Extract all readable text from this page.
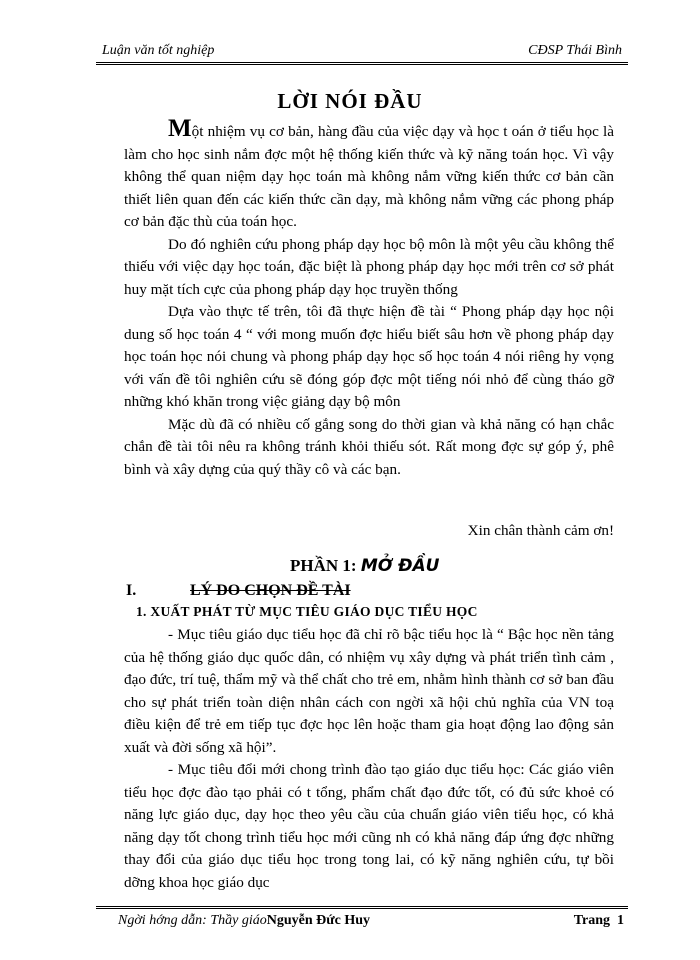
Luận văn tốt nghiệp	CĐSP Thái Bình
LỜI NÓI ĐẦU

Một nhiệm vụ cơ bản, hàng đầu của việc dạy và học t oán ở tiểu học là làm cho học sinh nắm đợc một hệ thống kiến thức và kỹ năng toán học. Vì vậy không thể quan niệm dạy học toán mà không nắm vững kiến thức cơ bản cần thiết liên quan đến các kiến thức cần dạy, mà không nắm vững các phong pháp cơ bản đặc thù của toán học.

Do đó nghiên cứu phong pháp dạy học bộ môn là một yêu cầu không thể thiếu với việc dạy học toán, đặc biệt là phong pháp dạy học mới trên cơ sở phát huy mặt tích cực của phong pháp dạy học truyền thống

Dựa vào thực tế trên, tôi đã thực hiện đề tài “ Phong pháp dạy học nội dung số học toán 4 “ với mong muốn đợc hiểu biết sâu hơn về phong pháp dạy học toán học nói chung và phong pháp dạy học số học toán 4 nói riêng hy vọng với vấn đề tôi nghiên cứu sẽ đóng góp đợc một tiếng nói nhỏ để cùng tháo gỡ những khó khăn trong việc giảng dạy bộ môn

Mặc dù đã có nhiều cố gắng song do thời gian và khả năng có hạn chắc chắn đề tài tôi nêu ra không tránh khỏi thiếu sót. Rất mong đợc sự góp ý, phê bình và xây dựng của quý thầy cô và các bạn.

Xin chân thành cảm ơn!
PHẦN 1: MỞ ĐẦU
I.	LÝ DO CHỌN ĐỀ TÀI
1. XUẤT PHÁT TỪ MỤC TIÊU GIÁO DỤC TIỂU HỌC

- Mục tiêu giáo dục tiểu học đã chỉ rõ bậc tiểu học là “ Bậc học nền tảng của hệ thống giáo dục quốc dân, có nhiệm vụ xây dựng và phát triển tình cảm , đạo đức, trí tuệ, thẩm mỹ và thể chất cho trẻ em, nhằm hình thành cơ sở ban đầu cho sự phát triển toàn diện nhân cách con ngời xã hội chủ nghĩa của VN toạ điều kiện để trẻ em tiếp tục đợc học lên hoặc tham gia hoạt động lao động sản xuất và đời sống xã hội”.

- Mục tiêu đổi mới chong trình đào tạo giáo dục tiểu học: Các giáo viên tiểu học đợc đào tạo phải có t tổng, phẩm chất đạo đức tốt, có đủ sức khoẻ có năng lực giáo dục, dạy học theo yêu cầu của chuẩn giáo viên tiểu học, có khả năng dạy tốt chong trình tiểu học mới cũng nh có khả năng đáp ứng đợc những thay đổi của giáo dục tiểu học trong tong lai, có kỹ năng nghiên cứu, tự bồi dỡng khoa học giáo dục

Ngời hớng dẫn: Thầy giáoNguyễn Đức Huy	Trang 1
